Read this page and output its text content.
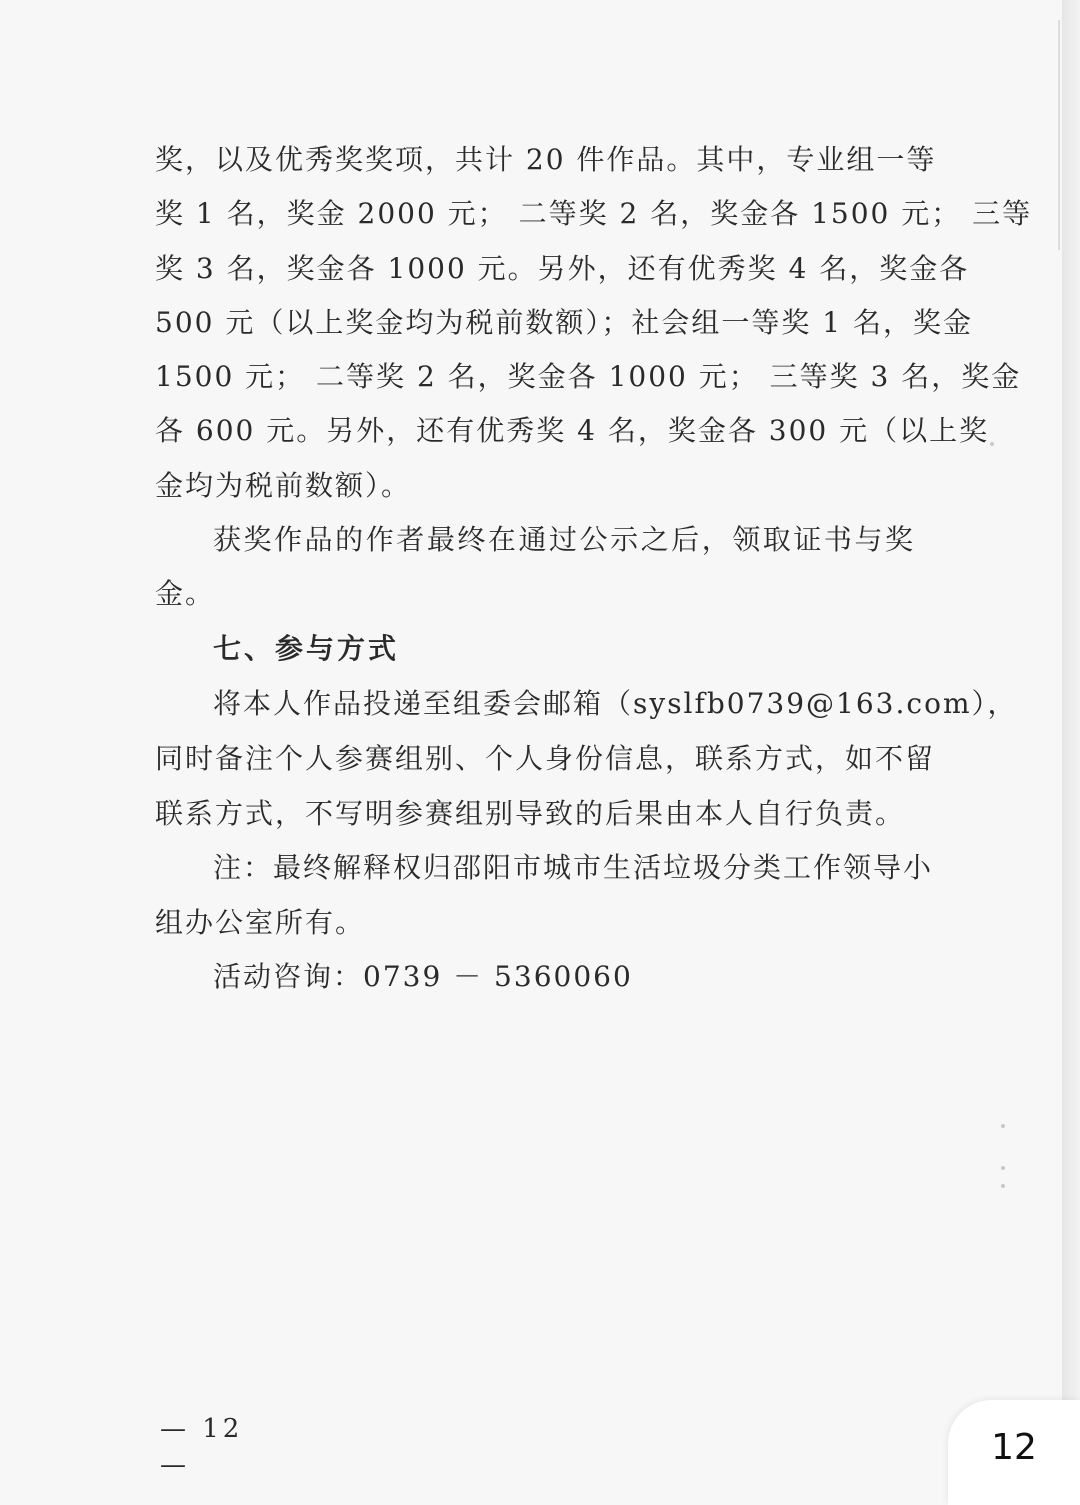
奖，以及优秀奖奖项，共计 20 件作品。其中，专业组一等
奖 1 名，奖金 2000 元； 二等奖 2 名，奖金各 1500 元； 三等
奖 3 名，奖金各 1000 元。另外，还有优秀奖 4 名，奖金各
500 元（以上奖金均为税前数额）；社会组一等奖 1 名，奖金
1500 元； 二等奖 2 名，奖金各 1000 元； 三等奖 3 名，奖金
各 600 元。另外，还有优秀奖 4 名，奖金各 300 元（以上奖
金均为税前数额）。
获奖作品的作者最终在通过公示之后，领取证书与奖
金。
七、参与方式
将本人作品投递至组委会邮箱（syslfb0739@163.com），
同时备注个人参赛组别、个人身份信息，联系方式，如不留
联系方式，不写明参赛组别导致的后果由本人自行负责。
注：最终解释权归邵阳市城市生活垃圾分类工作领导小
组办公室所有。
活动咨询：0739 － 5360060
— 12 —	12
